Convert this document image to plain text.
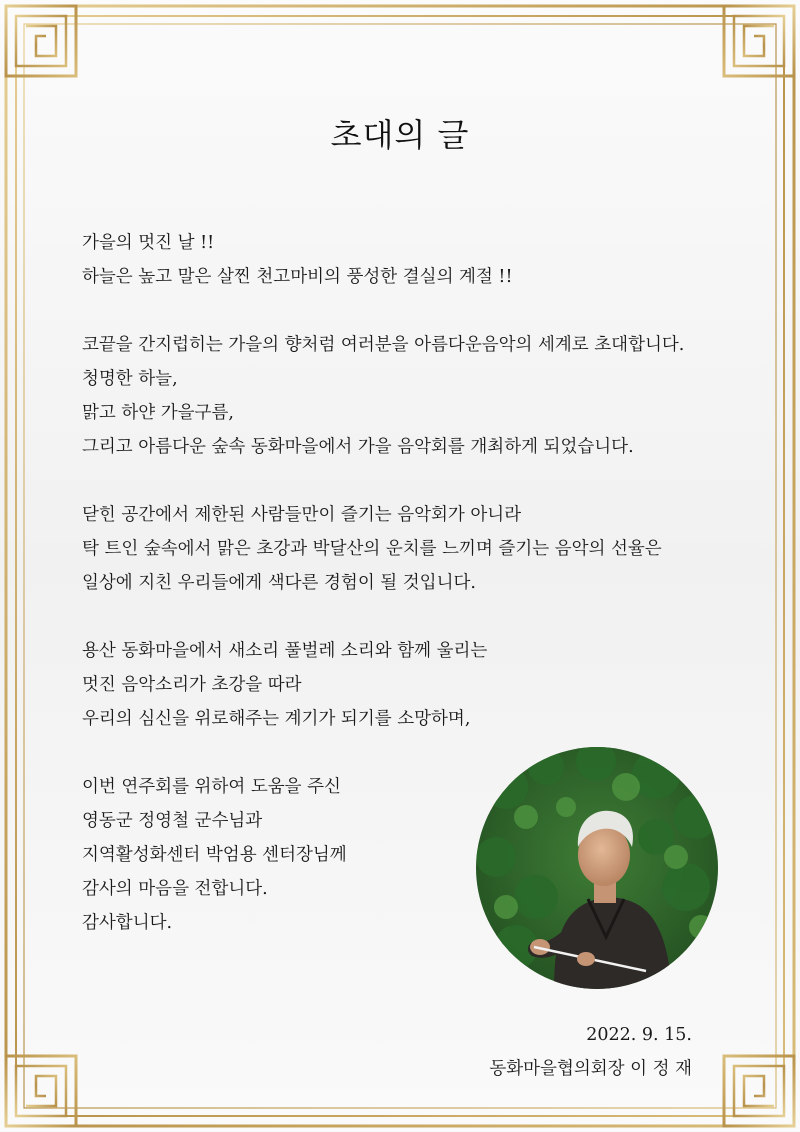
초대의 글
가을의 멋진 날 !!
하늘은 높고 말은 살찐 천고마비의 풍성한 결실의 계절 !!
코끝을 간지럽히는 가을의 향처럼 여러분을 아름다운음악의 세계로 초대합니다.
청명한 하늘,
맑고 하얀 가을구름,
그리고 아름다운 숲속 동화마을에서 가을 음악회를 개최하게 되었습니다.
닫힌 공간에서 제한된 사람들만이 즐기는 음악회가 아니라
탁 트인 숲속에서 맑은 초강과 박달산의 운치를 느끼며 즐기는 음악의 선율은
일상에 지친 우리들에게 색다른 경험이 될 것입니다.
용산 동화마을에서 새소리 풀벌레 소리와 함께 울리는
멋진 음악소리가 초강을 따라
우리의 심신을 위로해주는 계기가 되기를 소망하며,
이번 연주회를 위하여 도움을 주신
영동군 정영철 군수님과
지역활성화센터 박엄용 센터장님께
감사의 마음을 전합니다.
감사합니다.
2022. 9. 15.
동화마을협의회장 이 정 재
